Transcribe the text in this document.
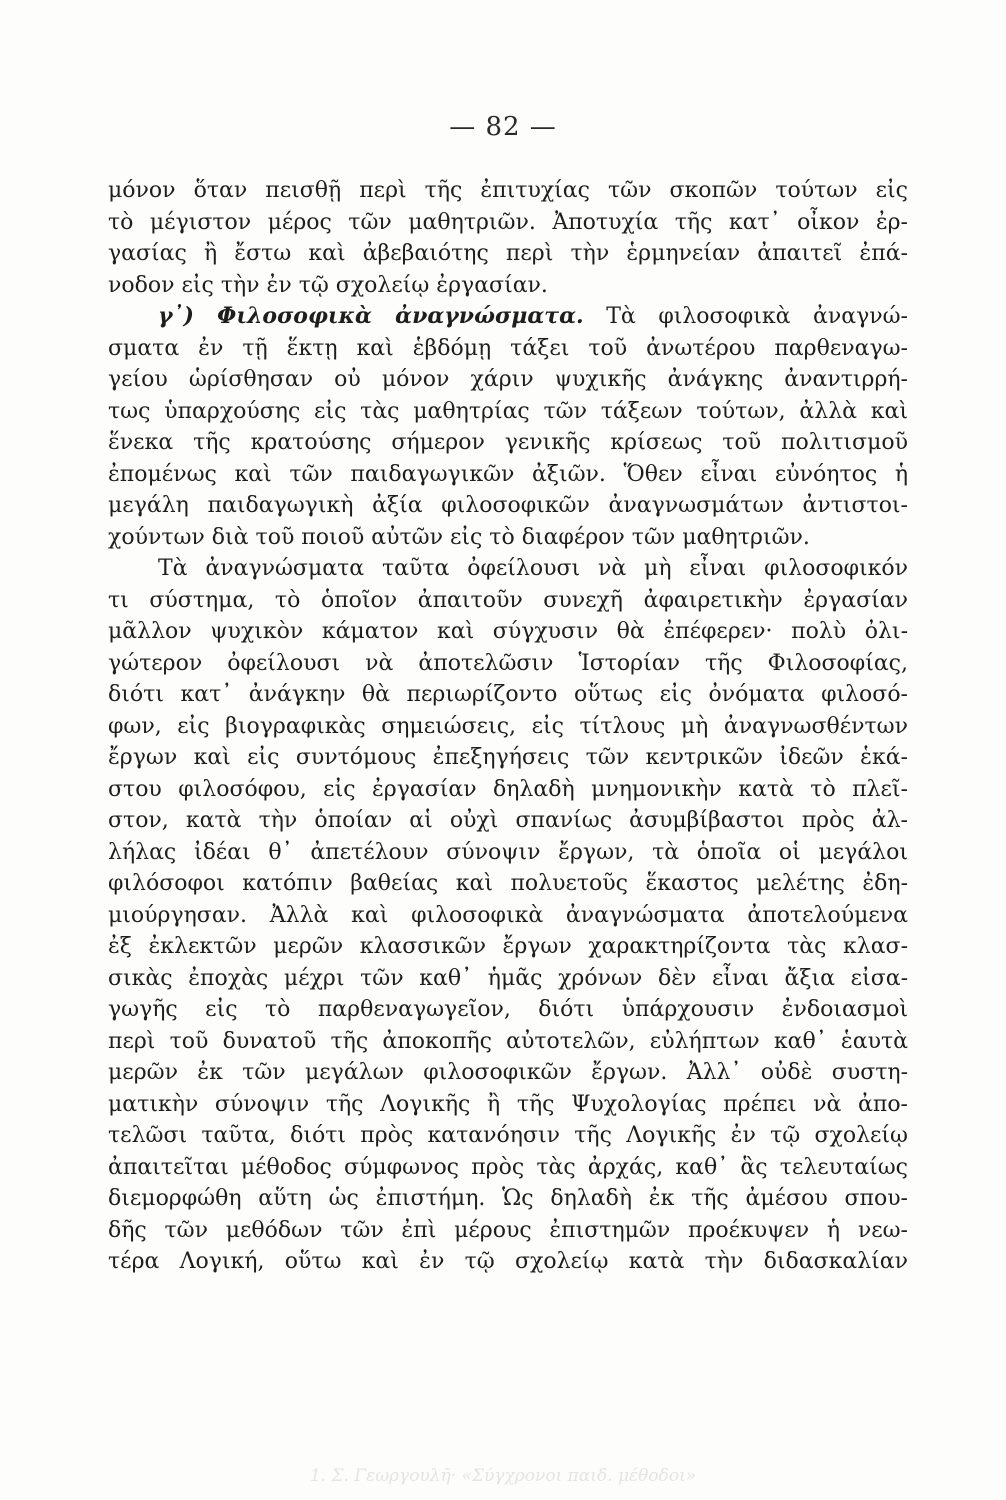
— 82 —
μόνον ὅταν πεισθῇ περὶ τῆς ἐπιτυχίας τῶν σκοπῶν τούτων εἰς
τὸ μέγιστον μέρος τῶν μαθητριῶν. Ἀποτυχία τῆς κατ᾽ οἶκον ἐρ-
γασίας ἢ ἔστω καὶ ἀβεβαιότης περὶ τὴν ἑρμηνείαν ἀπαιτεῖ ἐπά-
νοδον εἰς τὴν ἐν τῷ σχολείῳ ἐργασίαν.
γ᾽) Φιλοσοφικὰ ἀναγνώσματα. Τὰ φιλοσοφικὰ ἀναγνώ-
σματα ἐν τῇ ἕκτῃ καὶ ἑβδόμῃ τάξει τοῦ ἀνωτέρου παρθεναγω-
γείου ὡρίσθησαν οὐ μόνον χάριν ψυχικῆς ἀνάγκης ἀναντιρρή-
τως ὑπαρχούσης εἰς τὰς μαθητρίας τῶν τάξεων τούτων, ἀλλὰ καὶ
ἕνεκα τῆς κρατούσης σήμερον γενικῆς κρίσεως τοῦ πολιτισμοῦ
ἐπομένως καὶ τῶν παιδαγωγικῶν ἀξιῶν. Ὅθεν εἶναι εὐνόητος ἡ
μεγάλη παιδαγωγικὴ ἀξία φιλοσοφικῶν ἀναγνωσμάτων ἀντιστοι-
χούντων διὰ τοῦ ποιοῦ αὐτῶν εἰς τὸ διαφέρον τῶν μαθητριῶν.
Τὰ ἀναγνώσματα ταῦτα ὀφείλουσι νὰ μὴ εἶναι φιλοσοφικόν
τι σύστημα, τὸ ὁποῖον ἀπαιτοῦν συνεχῆ ἀφαιρετικὴν ἐργασίαν
μᾶλλον ψυχικὸν κάματον καὶ σύγχυσιν θὰ ἐπέφερεν· πολὺ ὀλι-
γώτερον ὀφείλουσι νὰ ἀποτελῶσιν Ἱστορίαν τῆς Φιλοσοφίας,
διότι κατ᾽ ἀνάγκην θὰ περιωρίζοντο οὕτως εἰς ὀνόματα φιλοσό-
φων, εἰς βιογραφικὰς σημειώσεις, εἰς τίτλους μὴ ἀναγνωσθέντων
ἔργων καὶ εἰς συντόμους ἐπεξηγήσεις τῶν κεντρικῶν ἰδεῶν ἑκά-
στου φιλοσόφου, εἰς ἐργασίαν δηλαδὴ μνημονικὴν κατὰ τὸ πλεῖ-
στον, κατὰ τὴν ὁποίαν αἱ οὐχὶ σπανίως ἀσυμβίβαστοι πρὸς ἀλ-
λήλας ἰδέαι θ᾽ ἀπετέλουν σύνοψιν ἔργων, τὰ ὁποῖα οἱ μεγάλοι
φιλόσοφοι κατόπιν βαθείας καὶ πολυετοῦς ἕκαστος μελέτης ἐδη-
μιούργησαν. Ἀλλὰ καὶ φιλοσοφικὰ ἀναγνώσματα ἀποτελούμενα
ἐξ ἐκλεκτῶν μερῶν κλασσικῶν ἔργων χαρακτηρίζοντα τὰς κλασ-
σικὰς ἐποχὰς μέχρι τῶν καθ᾽ ἡμᾶς χρόνων δὲν εἶναι ἄξια εἰσα-
γωγῆς εἰς τὸ παρθεναγωγεῖον, διότι ὑπάρχουσιν ἐνδοιασμοὶ
περὶ τοῦ δυνατοῦ τῆς ἀποκοπῆς αὐτοτελῶν, εὐλήπτων καθ᾽ ἑαυτὰ
μερῶν ἐκ τῶν μεγάλων φιλοσοφικῶν ἔργων. Ἀλλ᾽ οὐδὲ συστη-
ματικὴν σύνοψιν τῆς Λογικῆς ἢ τῆς Ψυχολογίας πρέπει νὰ ἀπο-
τελῶσι ταῦτα, διότι πρὸς κατανόησιν τῆς Λογικῆς ἐν τῷ σχολείῳ
ἀπαιτεῖται μέθοδος σύμφωνος πρὸς τὰς ἀρχάς, καθ᾽ ἃς τελευταίως
διεμορφώθη αὕτη ὡς ἐπιστήμη. Ὡς δηλαδὴ ἐκ τῆς ἀμέσου σπου-
δῆς τῶν μεθόδων τῶν ἐπὶ μέρους ἐπιστημῶν προέκυψεν ἡ νεω-
τέρα Λογική, οὕτω καὶ ἐν τῷ σχολείῳ κατὰ τὴν διδασκαλίαν
1. Σ. Γεωργουλῆ· «Σύγχρονοι παιδ. μέθοδοι»
